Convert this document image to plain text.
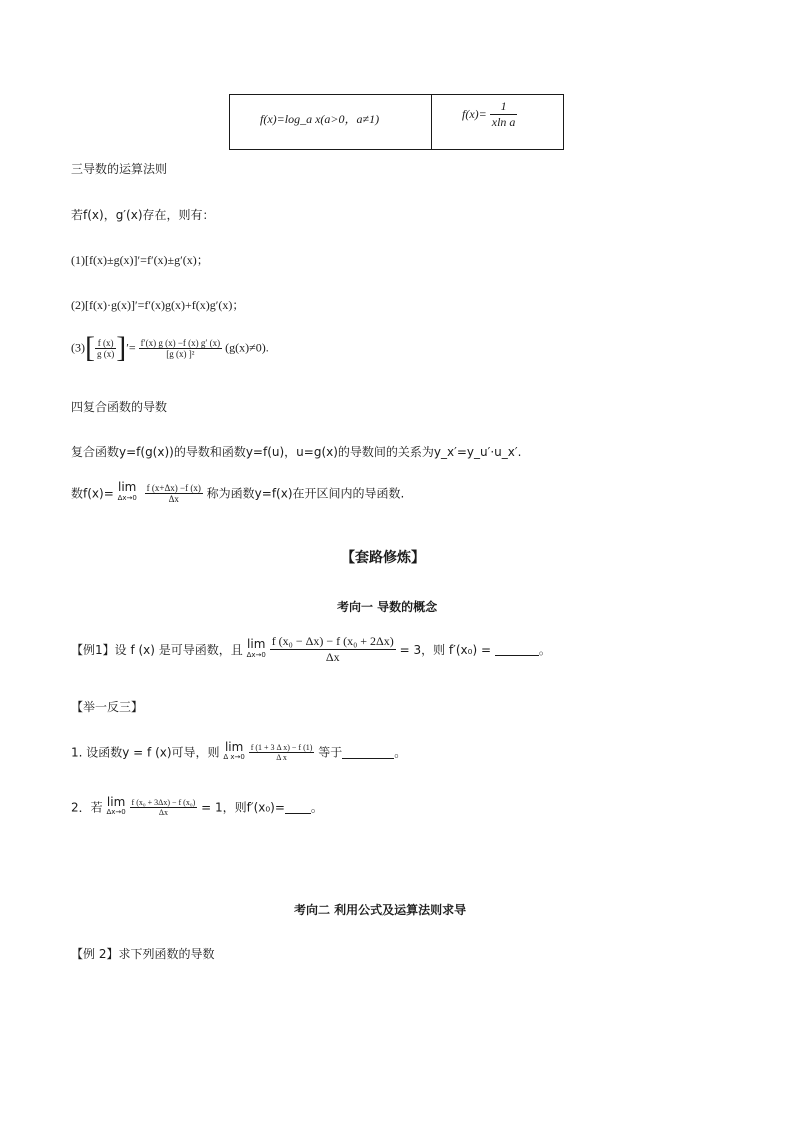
f(x)=log_a x(a>0，a≠1)	$f(x)= \frac{1}{\text{xln a}}$
三导数的运算法则
若f(x)，g′(x)存在，则有：
(1)[f(x)±g(x)]′=f′(x)±g′(x)；
(2)[f(x)·g(x)]′=f′(x)g(x)+f(x)g′(x)；
$(3)[ \frac{f (x)}{g (x)}$ ]′= $\frac{f'(x) g (x) -f (x) g' (x)}{\text{[g (x) ]²}} (g(x)\ne 0)$.
四复合函数的导数
复合函数y=f(g(x))的导数和函数y=f(u)，u=g(x)的导数间的关系为y_x′=y_u′·u_x′.
数f(x)= lim
Δx→0
$\frac{f (x+\Delta x) -f (x)}{\Delta x}$ 称为函数y=f(x)在开区间内的导函数.
【套路修炼】
考向一 导数的概念
【例1】设 f (x) 是可导函数，且 lim
Δx→0
$\frac{\text{f (x₀ − Δx) − f (x₀ + 2Δx)}}{\Delta x} = 3$，则 f′(x₀) =	。
【举一反三】
1. 设函数y = f (x)可导，则 lim
Δ x→0
$\frac{\text{f (1 + 3 Δ x) − f (1)}}{\text{Δ x}}$ 等于	。
2．若 lim
Δx→0
$\frac{\text{f (x₀ + 3Δx) − f (x₀)}}{\Delta x} = 1$，则f′(x₀)= 。
考向二 利用公式及运算法则求导
【例 2】求下列函数的导数
